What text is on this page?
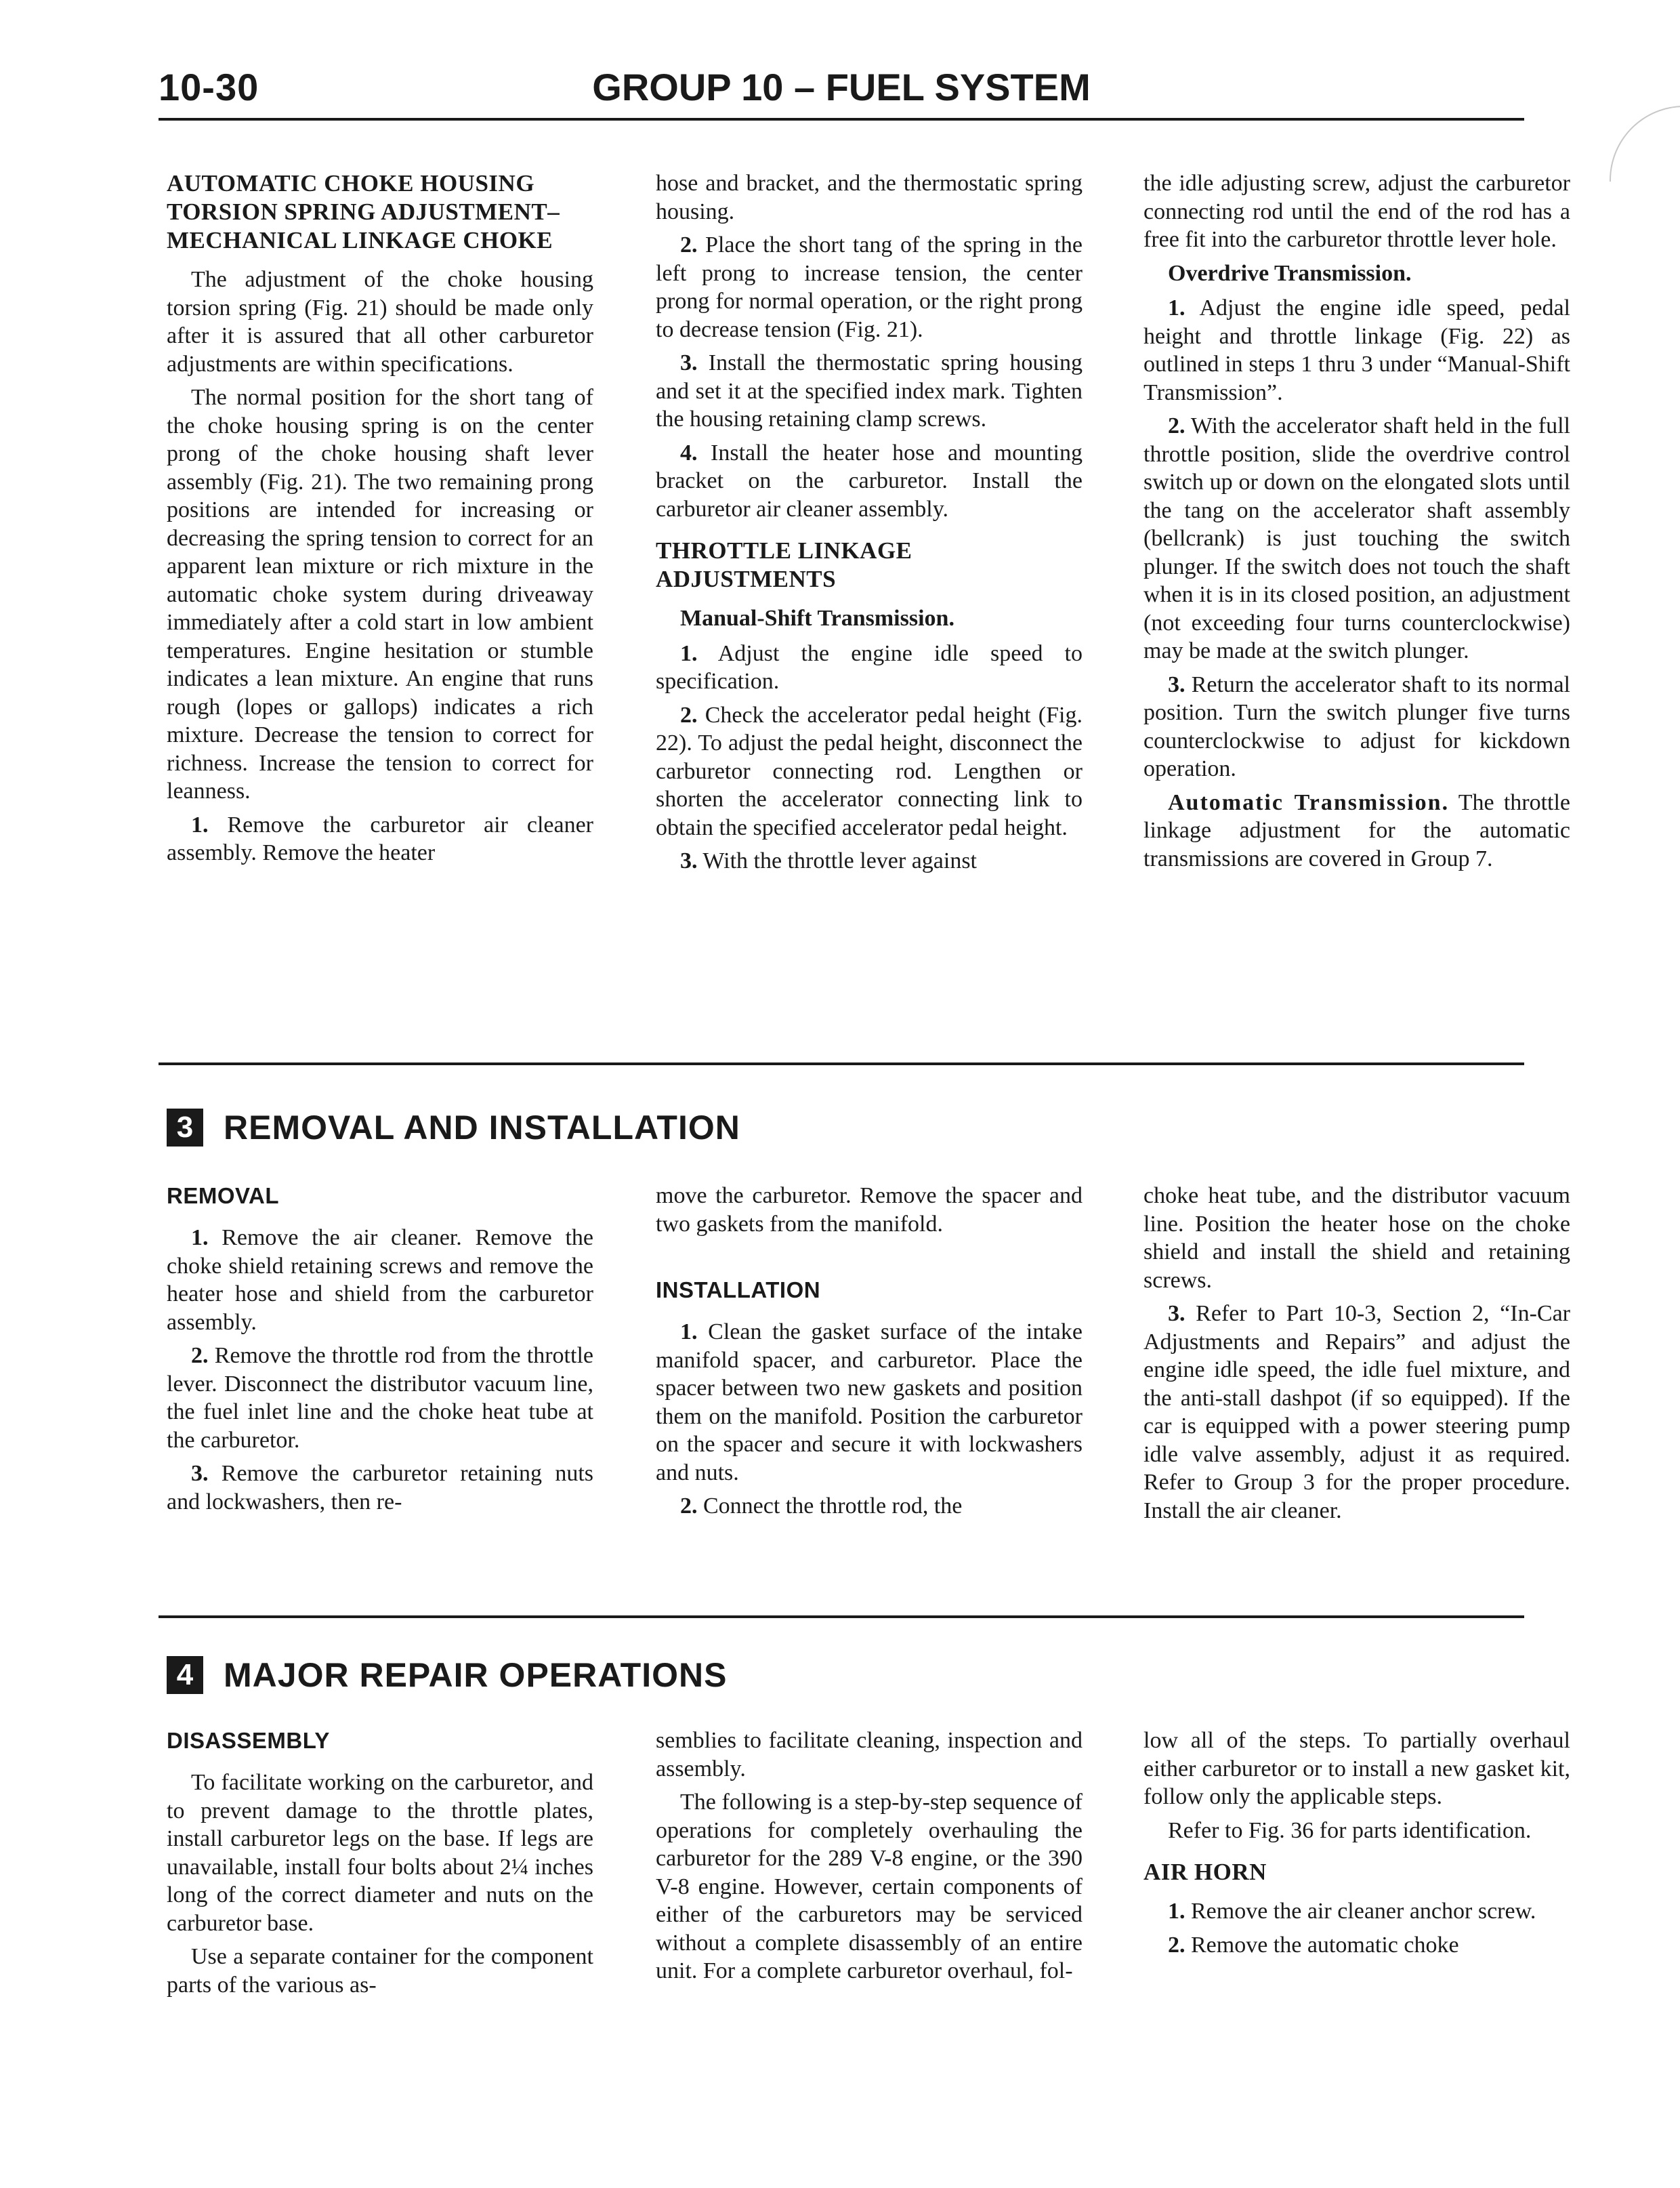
10-30	GROUP 10 – FUEL SYSTEM
AUTOMATIC CHOKE HOUSING TORSION SPRING ADJUSTMENT–MECHANICAL LINKAGE CHOKE

The adjustment of the choke housing torsion spring (Fig. 21) should be made only after it is assured that all other carburetor adjustments are within specifications.

The normal position for the short tang of the choke housing spring is on the center prong of the choke housing shaft lever assembly (Fig. 21). The two remaining prong positions are intended for increasing or decreasing the spring tension to correct for an apparent lean mixture or rich mixture in the automatic choke system during driveaway immediately after a cold start in low ambient temperatures. Engine hesitation or stumble indicates a lean mixture. An engine that runs rough (lopes or gallops) indicates a rich mixture. Decrease the tension to correct for richness. Increase the tension to correct for leanness.

1. Remove the carburetor air cleaner assembly. Remove the heater

hose and bracket, and the thermostatic spring housing.

2. Place the short tang of the spring in the left prong to increase tension, the center prong for normal operation, or the right prong to decrease tension (Fig. 21).

3. Install the thermostatic spring housing and set it at the specified index mark. Tighten the housing retaining clamp screws.

4. Install the heater hose and mounting bracket on the carburetor. Install the carburetor air cleaner assembly.

THROTTLE LINKAGE ADJUSTMENTS
Manual-Shift Transmission.

1. Adjust the engine idle speed to specification.

2. Check the accelerator pedal height (Fig. 22). To adjust the pedal height, disconnect the carburetor connecting rod. Lengthen or shorten the accelerator connecting link to obtain the specified accelerator pedal height.

3. With the throttle lever against

the idle adjusting screw, adjust the carburetor connecting rod until the end of the rod has a free fit into the carburetor throttle lever hole.

Overdrive Transmission.

1. Adjust the engine idle speed, pedal height and throttle linkage (Fig. 22) as outlined in steps 1 thru 3 under “Manual-Shift Transmission”.

2. With the accelerator shaft held in the full throttle position, slide the overdrive control switch up or down on the elongated slots until the tang on the accelerator shaft assembly (bellcrank) is just touching the switch plunger. If the switch does not touch the shaft when it is in its closed position, an adjustment (not exceeding four turns counterclockwise) may be made at the switch plunger.

3. Return the accelerator shaft to its normal position. Turn the switch plunger five turns counterclockwise to adjust for kickdown operation.

Automatic Transmission. The throttle linkage adjustment for the automatic transmissions are covered in Group 7.

3 REMOVAL AND INSTALLATION
REMOVAL

1. Remove the air cleaner. Remove the choke shield retaining screws and remove the heater hose and shield from the carburetor assembly.

2. Remove the throttle rod from the throttle lever. Disconnect the distributor vacuum line, the fuel inlet line and the choke heat tube at the carburetor.

3. Remove the carburetor retaining nuts and lockwashers, then re-

move the carburetor. Remove the spacer and two gaskets from the manifold.

INSTALLATION

1. Clean the gasket surface of the intake manifold spacer, and carburetor. Place the spacer between two new gaskets and position them on the manifold. Position the carburetor on the spacer and secure it with lockwashers and nuts.

2. Connect the throttle rod, the

choke heat tube, and the distributor vacuum line. Position the heater hose on the choke shield and install the shield and retaining screws.

3. Refer to Part 10-3, Section 2, “In-Car Adjustments and Repairs” and adjust the engine idle speed, the idle fuel mixture, and the anti-stall dashpot (if so equipped). If the car is equipped with a power steering pump idle valve assembly, adjust it as required. Refer to Group 3 for the proper procedure. Install the air cleaner.

4 MAJOR REPAIR OPERATIONS
DISASSEMBLY

To facilitate working on the carburetor, and to prevent damage to the throttle plates, install carburetor legs on the base. If legs are unavailable, install four bolts about 2¼ inches long of the correct diameter and nuts on the carburetor base.

Use a separate container for the component parts of the various as-

semblies to facilitate cleaning, inspection and assembly.

The following is a step-by-step sequence of operations for completely overhauling the carburetor for the 289 V-8 engine, or the 390 V-8 engine. However, certain components of either of the carburetors may be serviced without a complete disassembly of an entire unit. For a complete carburetor overhaul, fol-

low all of the steps. To partially overhaul either carburetor or to install a new gasket kit, follow only the applicable steps.

Refer to Fig. 36 for parts identification.

AIR HORN

1. Remove the air cleaner anchor screw.

2. Remove the automatic choke
